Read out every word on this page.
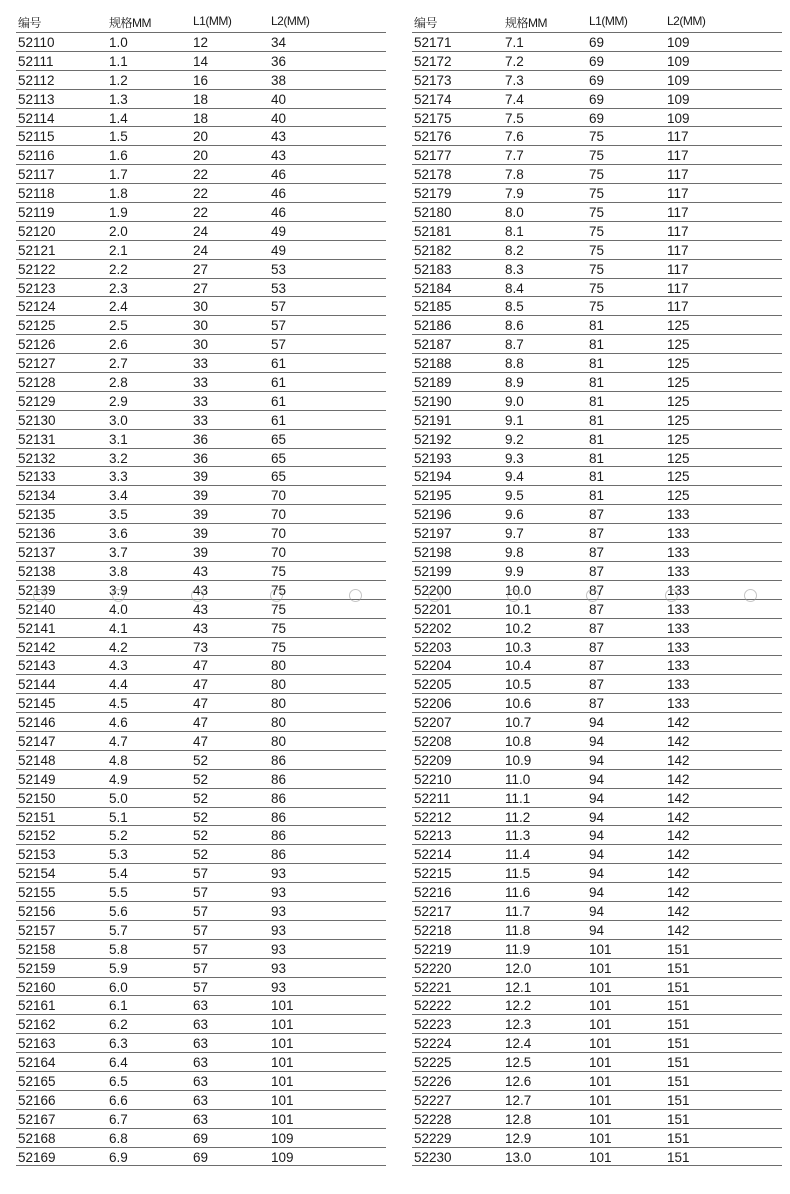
编号	规格MM	L1(MM)	L2(MM)
52110	1.0	12	34
52111	1.1	14	36
52112	1.2	16	38
52113	1.3	18	40
52114	1.4	18	40
52115	1.5	20	43
52116	1.6	20	43
52117	1.7	22	46
52118	1.8	22	46
52119	1.9	22	46
52120	2.0	24	49
52121	2.1	24	49
52122	2.2	27	53
52123	2.3	27	53
52124	2.4	30	57
52125	2.5	30	57
52126	2.6	30	57
52127	2.7	33	61
52128	2.8	33	61
52129	2.9	33	61
52130	3.0	33	61
52131	3.1	36	65
52132	3.2	36	65
52133	3.3	39	65
52134	3.4	39	70
52135	3.5	39	70
52136	3.6	39	70
52137	3.7	39	70
52138	3.8	43	75
52139	3.9	43	75
52140	4.0	43	75
52141	4.1	43	75
52142	4.2	73	75
52143	4.3	47	80
52144	4.4	47	80
52145	4.5	47	80
52146	4.6	47	80
52147	4.7	47	80
52148	4.8	52	86
52149	4.9	52	86
52150	5.0	52	86
52151	5.1	52	86
52152	5.2	52	86
52153	5.3	52	86
52154	5.4	57	93
52155	5.5	57	93
52156	5.6	57	93
52157	5.7	57	93
52158	5.8	57	93
52159	5.9	57	93
52160	6.0	57	93
52161	6.1	63	101
52162	6.2	63	101
52163	6.3	63	101
52164	6.4	63	101
52165	6.5	63	101
52166	6.6	63	101
52167	6.7	63	101
52168	6.8	69	109
52169	6.9	69	109
编号	规格MM	L1(MM)	L2(MM)
52171	7.1	69	109
52172	7.2	69	109
52173	7.3	69	109
52174	7.4	69	109
52175	7.5	69	109
52176	7.6	75	117
52177	7.7	75	117
52178	7.8	75	117
52179	7.9	75	117
52180	8.0	75	117
52181	8.1	75	117
52182	8.2	75	117
52183	8.3	75	117
52184	8.4	75	117
52185	8.5	75	117
52186	8.6	81	125
52187	8.7	81	125
52188	8.8	81	125
52189	8.9	81	125
52190	9.0	81	125
52191	9.1	81	125
52192	9.2	81	125
52193	9.3	81	125
52194	9.4	81	125
52195	9.5	81	125
52196	9.6	87	133
52197	9.7	87	133
52198	9.8	87	133
52199	9.9	87	133
52200	10.0	87	133
52201	10.1	87	133
52202	10.2	87	133
52203	10.3	87	133
52204	10.4	87	133
52205	10.5	87	133
52206	10.6	87	133
52207	10.7	94	142
52208	10.8	94	142
52209	10.9	94	142
52210	11.0	94	142
52211	11.1	94	142
52212	11.2	94	142
52213	11.3	94	142
52214	11.4	94	142
52215	11.5	94	142
52216	11.6	94	142
52217	11.7	94	142
52218	11.8	94	142
52219	11.9	101	151
52220	12.0	101	151
52221	12.1	101	151
52222	12.2	101	151
52223	12.3	101	151
52224	12.4	101	151
52225	12.5	101	151
52226	12.6	101	151
52227	12.7	101	151
52228	12.8	101	151
52229	12.9	101	151
52230	13.0	101	151
